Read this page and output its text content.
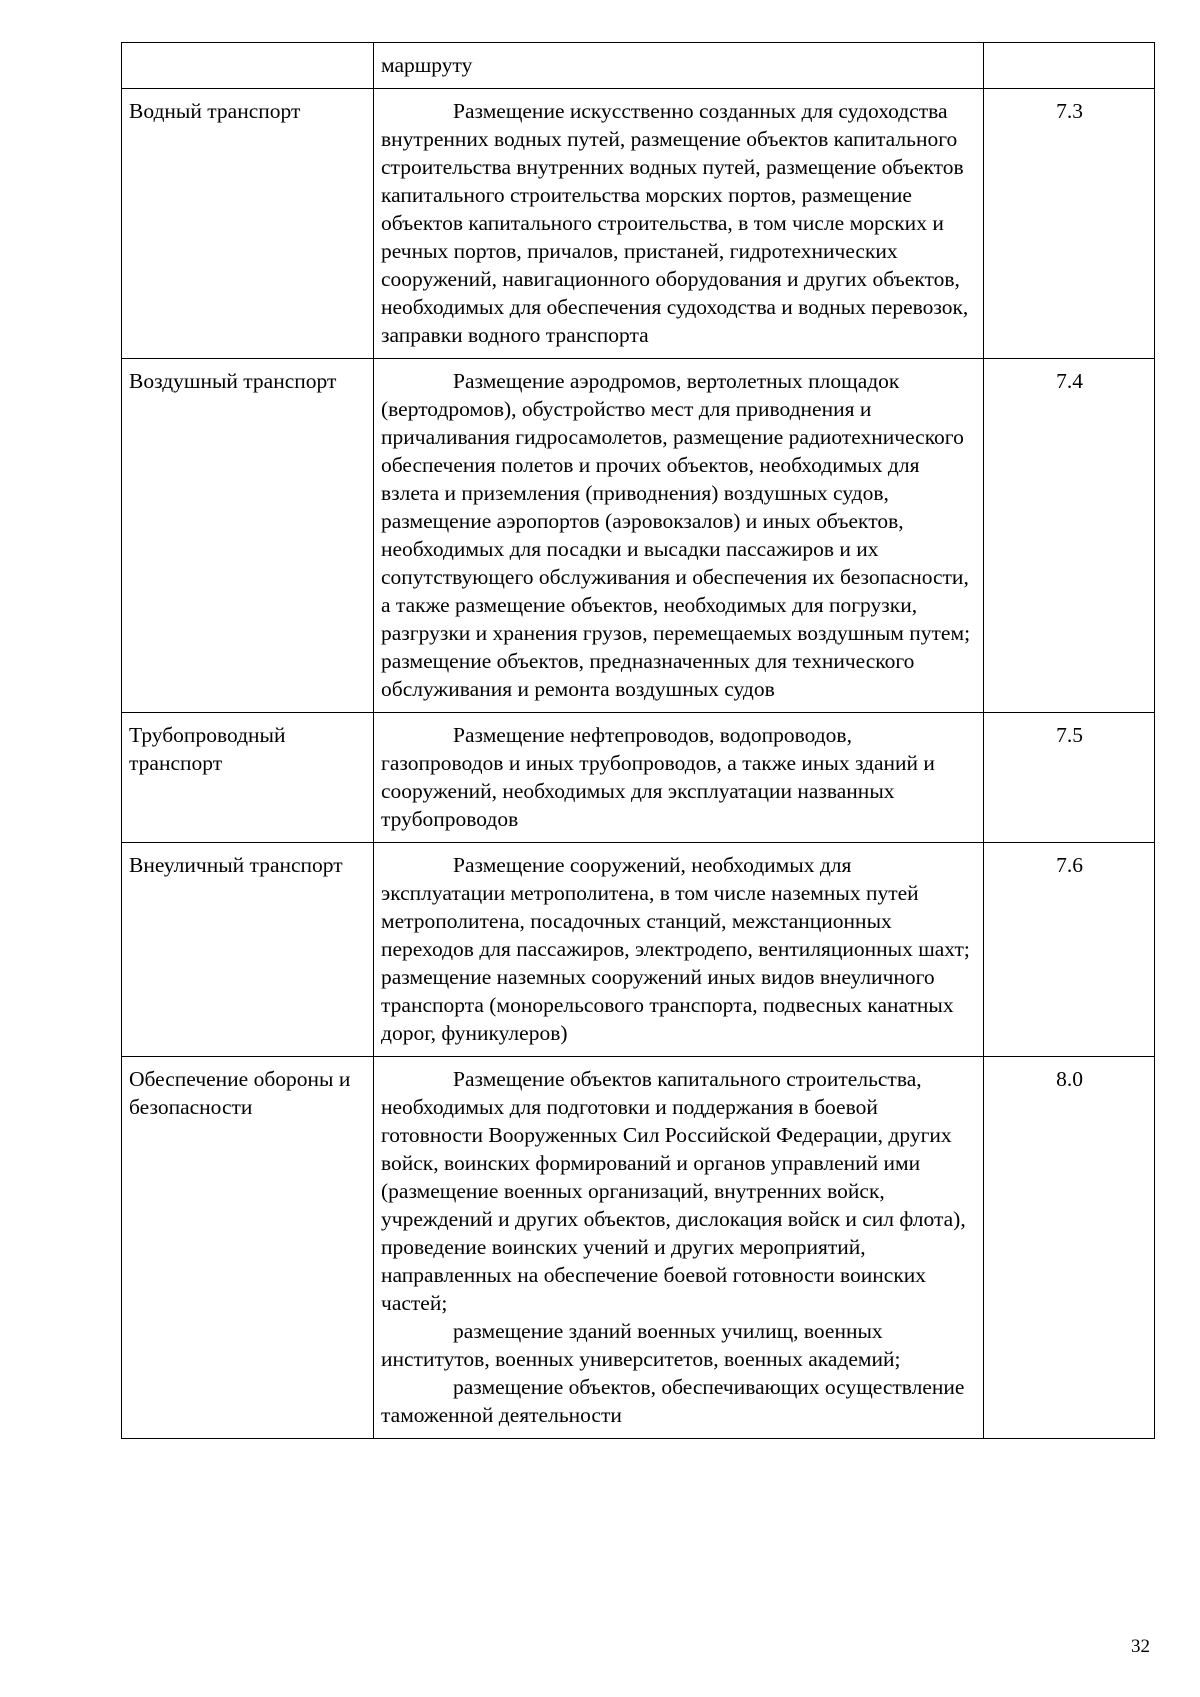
	маршруту	

Водный транспорт	Размещение искусственно созданных для судоходства внутренних водных путей, размещение объектов капитального строительства внутренних водных путей, размещение объектов капитального строительства морских портов, размещение объектов капитального строительства, в том числе морских и речных портов, причалов, пристаней, гидротехнических сооружений, навигационного оборудования и других объектов, необходимых для обеспечения судоходства и водных перевозок, заправки водного транспорта	7.3
Воздушный транспорт	Размещение аэродромов, вертолетных площадок (вертодромов), обустройство мест для приводнения и причаливания гидросамолетов, размещение радиотехнического обеспечения полетов и прочих объектов, необходимых для взлета и приземления (приводнения) воздушных судов, размещение аэропортов (аэровокзалов) и иных объектов, необходимых для посадки и высадки пассажиров и их сопутствующего обслуживания и обеспечения их безопасности, а также размещение объектов, необходимых для погрузки, разгрузки и хранения грузов, перемещаемых воздушным путем; размещение объектов, предназначенных для технического обслуживания и ремонта воздушных судов	7.4
Трубопроводный транспорт	Размещение нефтепроводов, водопроводов, газопроводов и иных трубопроводов, а также иных зданий и сооружений, необходимых для эксплуатации названных трубопроводов	7.5
Внеуличный транспорт	Размещение сооружений, необходимых для эксплуатации метрополитена, в том числе наземных путей метрополитена, посадочных станций, межстанционных переходов для пассажиров, электродепо, вентиляционных шахт; размещение наземных сооружений иных видов внеуличного транспорта (монорельсового транспорта, подвесных канатных дорог, фуникулеров)	7.6
Обеспечение обороны и безопасности	Размещение объектов капитального строительства, необходимых для подготовки и поддержания в боевой готовности Вооруженных Сил Российской Федерации, других войск, воинских формирований и органов управлений ими (размещение военных организаций, внутренних войск, учреждений и других объектов, дислокация войск и сил флота), проведение воинских учений и других мероприятий, направленных на обеспечение боевой готовности воинских частей;

размещение зданий военных училищ, военных институтов, военных университетов, военных академий;

размещение объектов, обеспечивающих осуществление таможенной деятельности	8.0
32
